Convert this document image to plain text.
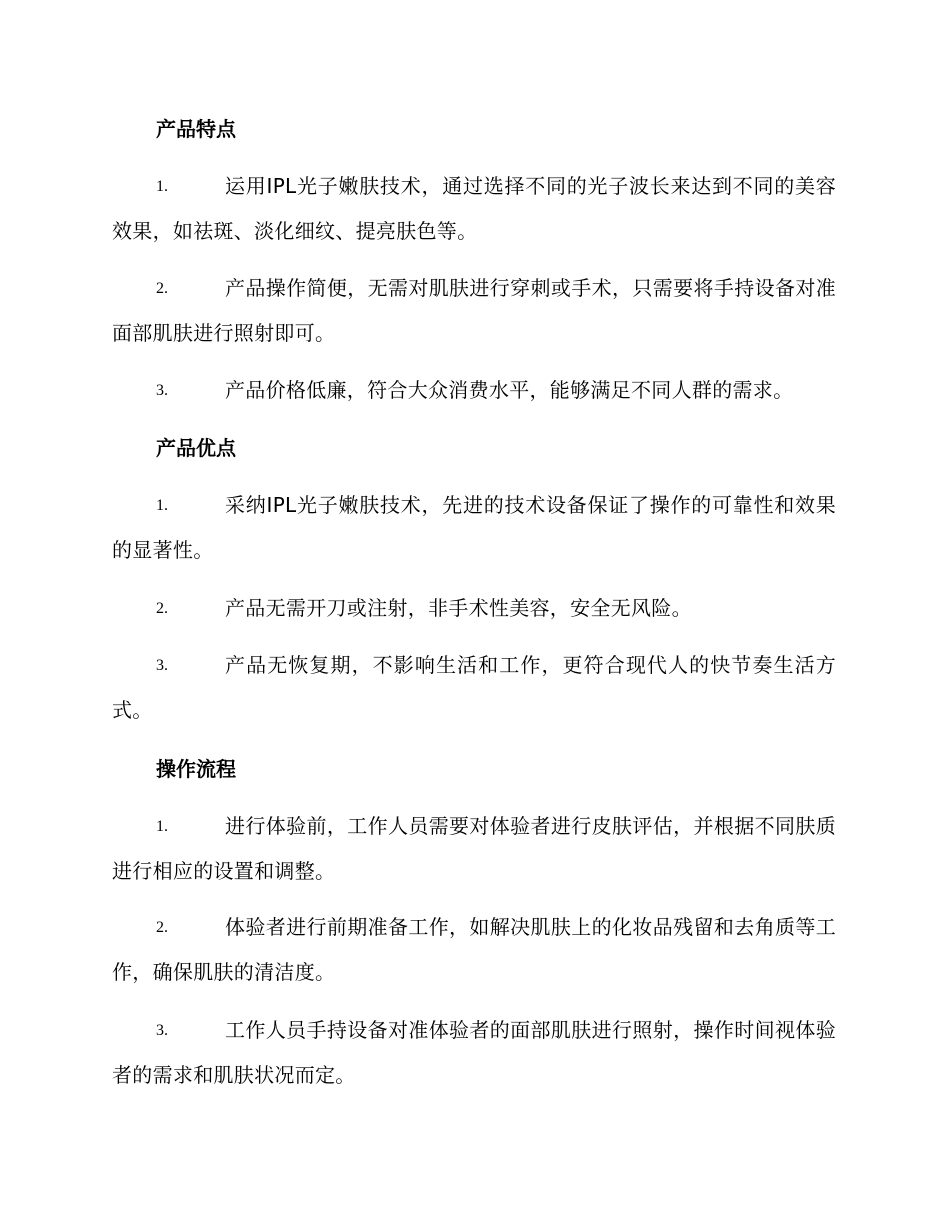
产品特点
1.	运用IPL光子嫩肤技术，通过选择不同的光子波长来达到不同的美容效果，如祛斑、淡化细纹、提亮肤色等。
2.	产品操作简便，无需对肌肤进行穿刺或手术，只需要将手持设备对准面部肌肤进行照射即可。
3.	产品价格低廉，符合大众消费水平，能够满足不同人群的需求。
产品优点
1.	采纳IPL光子嫩肤技术，先进的技术设备保证了操作的可靠性和效果的显著性。
2.	产品无需开刀或注射，非手术性美容，安全无风险。
3.	产品无恢复期，不影响生活和工作，更符合现代人的快节奏生活方式。
操作流程
1.	进行体验前，工作人员需要对体验者进行皮肤评估，并根据不同肤质进行相应的设置和调整。
2.	体验者进行前期准备工作，如解决肌肤上的化妆品残留和去角质等工作，确保肌肤的清洁度。
3.	工作人员手持设备对准体验者的面部肌肤进行照射，操作时间视体验者的需求和肌肤状况而定。
